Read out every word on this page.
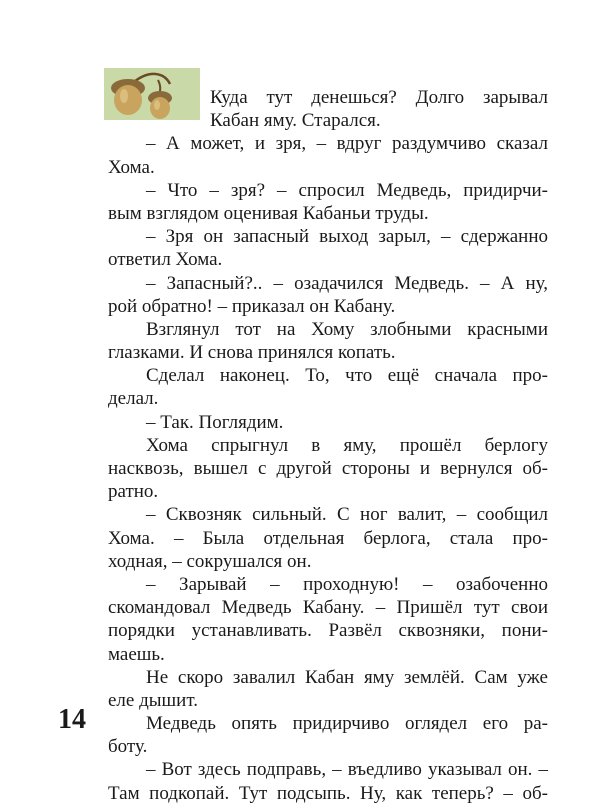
Куда тут денешься? Долго зарывал
Кабан яму. Старался.
– А может, и зря, – вдруг раздумчиво сказал
Хома.
– Что – зря? – спросил Медведь, придирчи-
вым взглядом оценивая Кабаньи труды.
– Зря он запасный выход зарыл, – сдержанно
ответил Хома.
– Запасный?.. – озадачился Медведь. – А ну,
рой обратно! – приказал он Кабану.
Взглянул тот на Хому злобными красными
глазками. И снова принялся копать.
Сделал наконец. То, что ещё сначала про-
делал.
– Так. Поглядим.
Хома спрыгнул в яму, прошёл берлогу
насквозь, вышел с другой стороны и вернулся об-
ратно.
– Сквозняк сильный. С ног валит, – сообщил
Хома. – Была отдельная берлога, стала про-
ходная, – сокрушался он.
– Зарывай – проходную! – озабоченно
скомандовал Медведь Кабану. – Пришёл тут свои
порядки устанавливать. Развёл сквозняки, пони-
маешь.
Не скоро завалил Кабан яму землёй. Сам уже
еле дышит.
Медведь опять придирчиво оглядел его ра-
боту.
– Вот здесь подправь, – въедливо указывал он. –
Там подкопай. Тут подсыпь. Ну, как теперь? – об-
14
